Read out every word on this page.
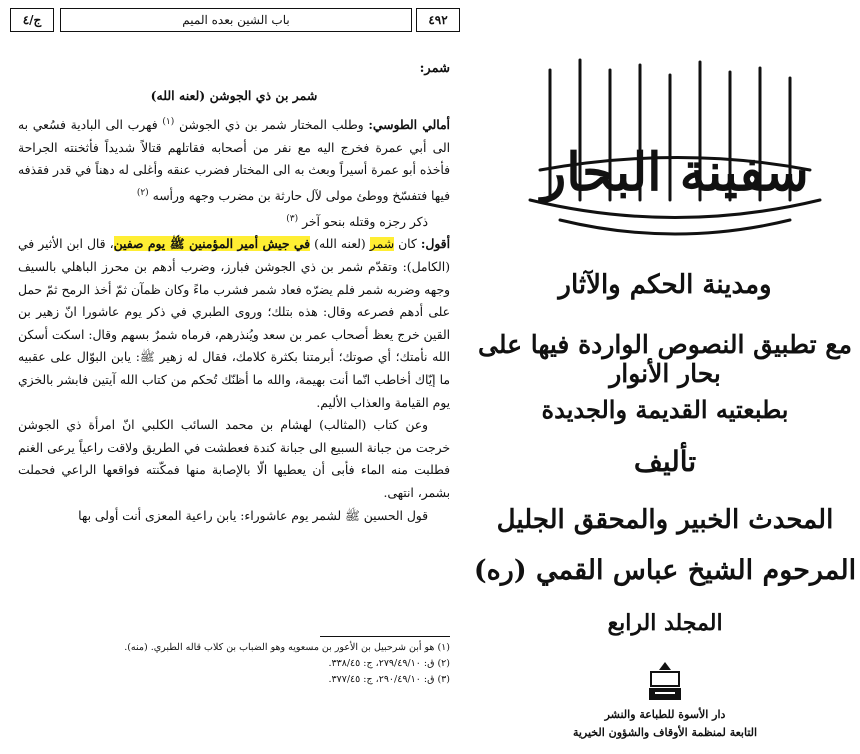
٤٩٢
باب الشين بعده الميم
ج/٤

شمر:

شمر بن ذي الجوشن (لعنه الله)

أمالي الطوسي: وطلب المختار شمر بن ذي الجوشن $^{(١)}$ فهرب الى البادية فسُعي به الى أبي عمرة فخرج اليه مع نفر من أصحابه فقاتلهم قتالاً شديداً فأثخنته الجراحة فأخذه أبو عمرة أسيراً وبعث به الى المختار فضرب عنقه وأغلى له دهناً في قدر فقذفه فيها فتفسّخ ووطئ مولى لآل حارثة بن مضرب وجهه ورأسه $^{(٢)}$

ذكر رجزه وقتله بنحو آخر $^{(٣)}$

أقول: كان شمر (لعنه الله) في جيش أمير المؤمنين ﷺ يوم صفين، قال ابن الأثير في (الكامل): وتقدّم شمر بن ذي الجوشن فبارز، وضرب أدهم بن محرز الباهلي بالسيف وجهه وضربه شمر فلم يضرّه فعاد شمر فشرب ماءً وكان ظمآن ثمّ أخذ الرمح ثمّ حمل على أدهم فصرعه وقال: هذه بتلك؛ وروى الطبري في ذكر يوم عاشورا انّ زهير بن القين خرج يعظ أصحاب عمر بن سعد ويُنذرهم، فرماه شمرٌ بسهم وقال: اسكت أسكن الله نأمتك؛ أي صوتك؛ أبرمتنا بكثرة كلامك، فقال له زهير ﷺ: يابن البوّال على عقبيه ما إيّاك أخاطب انّما أنت بهيمة، والله ما أظنّك تُحكم من كتاب الله آيتين فابشر بالخزي يوم القيامة والعذاب الأليم.

وعن كتاب (المثالب) لهشام بن محمد السائب الكلبي انّ امرأة ذي الجوشن خرجت من جبانة السبيع الى جبانة كندة فعطشت في الطريق ولاقت راعياً يرعى الغنم فطلبت منه الماء فأبى أن يعطيها الّا بالإصابة منها فمكّنته فواقعها الراعي فحملت بشمر، انتهى.

قول الحسين ﷺ لشمر يوم عاشوراء: يابن راعية المعزى أنت أولى بها

(١) هو أبن شرحبيل بن الأعور بن مسعويه وهو الضباب بن كلاب قاله الطبري. (منه).

(٢) ق: ٢٧٩/٤٩/١٠، ج: ٣٣٨/٤٥.

(٣) ق: ٢٩٠/٤٩/١٠، ج: ٣٧٧/٤٥.

سفينة البحار
ومدينة الحكم والآثار
مع تطبيق النصوص الواردة فيها على بحار الأنوار
بطبعتيه القديمة والجديدة
تأليف
المحدث الخبير والمحقق الجليل
المرحوم الشيخ عباس القمي (ره)
المجلد الرابع
دار الأسوة للطباعة والنشر
التابعة لمنظمة الأوقاف والشؤون الخيرية
